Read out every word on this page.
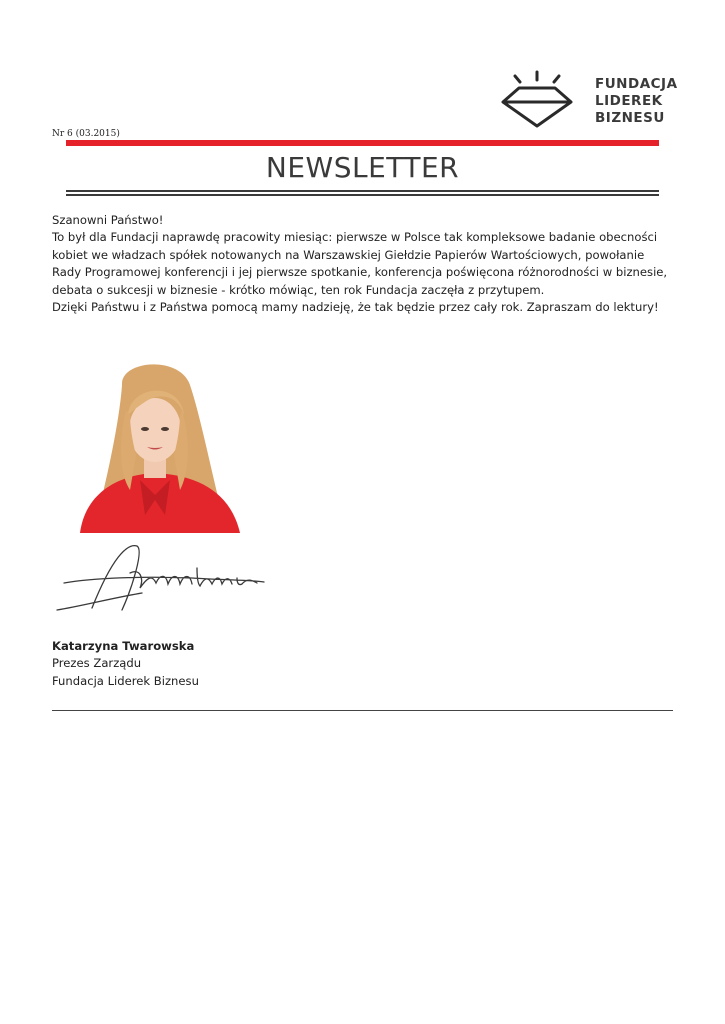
FUNDACJA
LIDEREK
BIZNESU
Nr 6 (03.2015)
NEWSLETTER

Szanowni Państwo!

To był dla Fundacji naprawdę pracowity miesiąc: pierwsze w Polsce tak kompleksowe badanie obecności kobiet we władzach spółek notowanych na Warszawskiej Giełdzie Papierów Wartościowych, powołanie Rady Programowej konferencji i jej pierwsze spotkanie, konferencja poświęcona różnorodności w biznesie, debata o sukcesji w biznesie - krótko mówiąc, ten rok Fundacja zaczęła z przytupem.

Dzięki Państwu i z Państwa pomocą mamy nadzieję, że tak będzie przez cały rok. Zapraszam do lektury!

Katarzyna Twarowska
Prezes Zarządu
Fundacja Liderek Biznesu
